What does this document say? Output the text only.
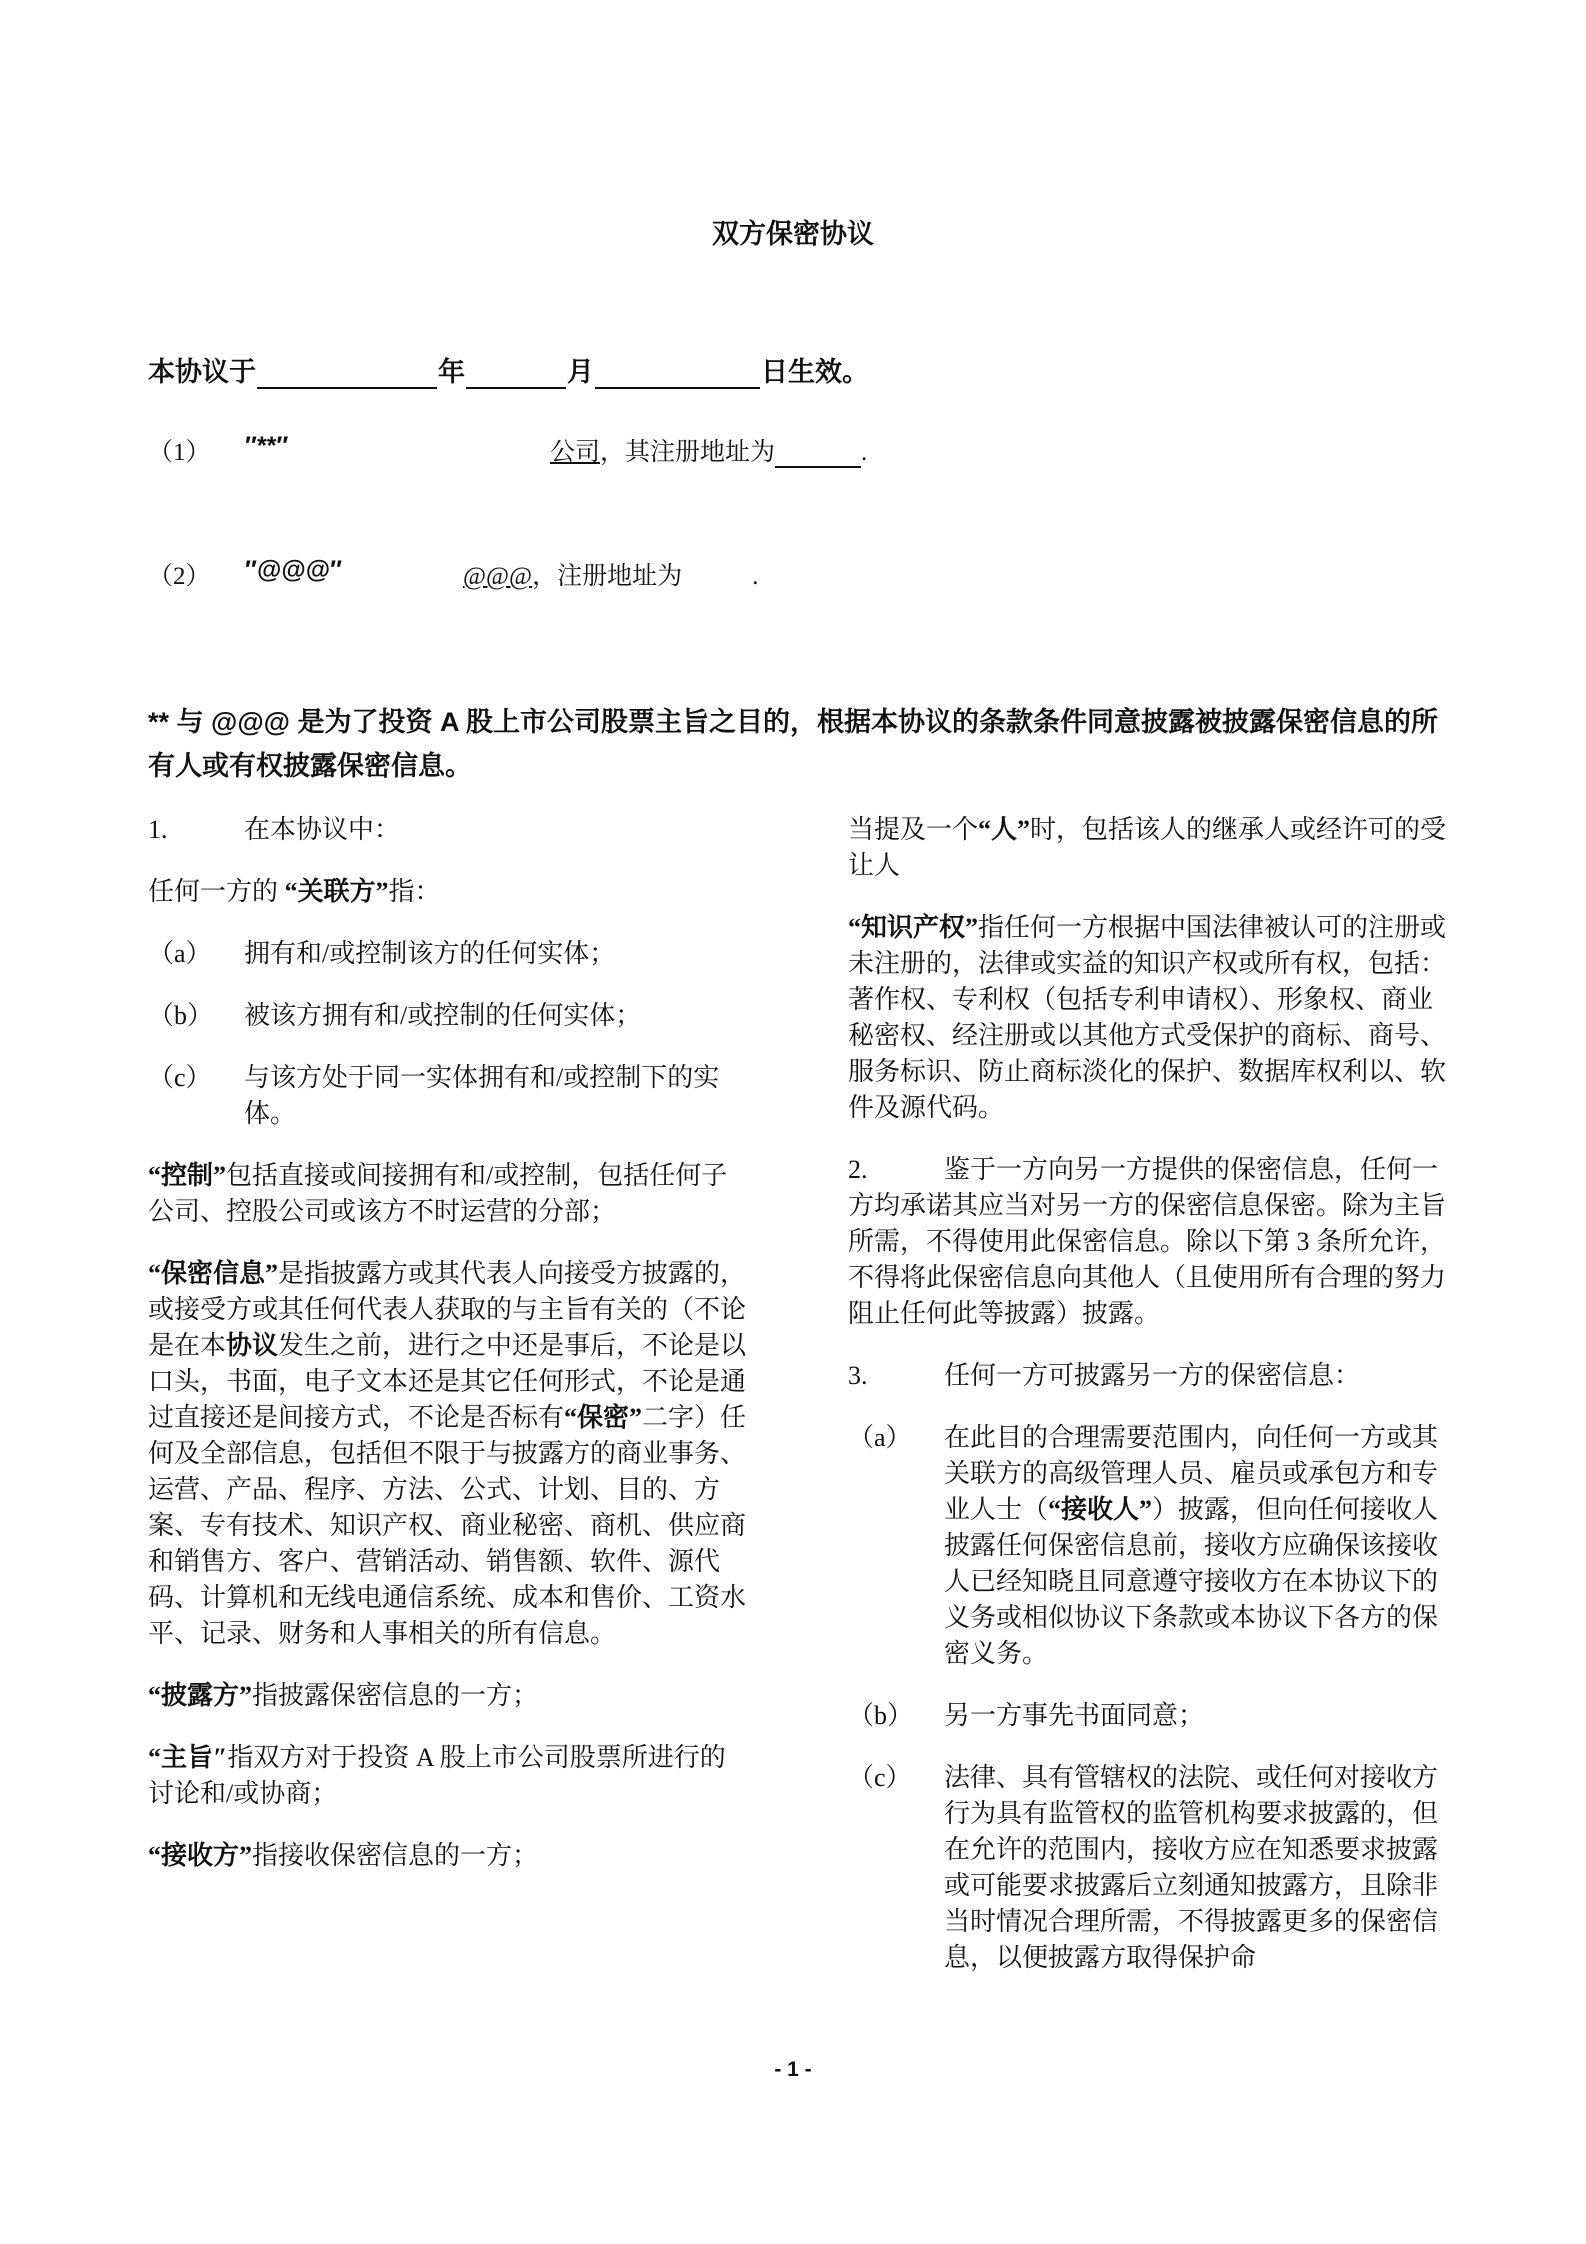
双方保密协议
本协议于	年	月	日生效。
（1） ″**″	公司，其注册地址为	.
（2） ″@@@″	@@@，注册地址为	.
** 与 @@@ 是为了投资 A 股上市公司股票主旨之目的，根据本协议的条款条件同意披露被披露保密信息的所有人或有权披露保密信息。
1.	在本协议中：

任何一方的 “关联方”指：

（a）	拥有和/或控制该方的任何实体；
（b）	被该方拥有和/或控制的任何实体；
（c）	与该方处于同一实体拥有和/或控制下的实体。

“控制”包括直接或间接拥有和/或控制，包括任何子公司、控股公司或该方不时运营的分部；

“保密信息”是指披露方或其代表人向接受方披露的，或接受方或其任何代表人获取的与主旨有关的（不论是在本协议发生之前，进行之中还是事后，不论是以口头，书面，电子文本还是其它任何形式，不论是通过直接还是间接方式，不论是否标有“保密”二字）任何及全部信息，包括但不限于与披露方的商业事务、运营、产品、程序、方法、公式、计划、目的、方案、专有技术、知识产权、商业秘密、商机、供应商和销售方、客户、营销活动、销售额、软件、源代码、计算机和无线电通信系统、成本和售价、工资水平、记录、财务和人事相关的所有信息。

“披露方”指披露保密信息的一方；

“主旨″指双方对于投资 A 股上市公司股票所进行的讨论和/或协商；

“接收方”指接收保密信息的一方；

当提及一个“人”时，包括该人的继承人或经许可的受让人

“知识产权”指任何一方根据中国法律被认可的注册或未注册的，法律或实益的知识产权或所有权，包括：著作权、专利权（包括专利申请权）、形象权、商业秘密权、经注册或以其他方式受保护的商标、商号、服务标识、防止商标淡化的保护、数据库权利以、软件及源代码。

2.	鉴于一方向另一方提供的保密信息，任何一方均承诺其应当对另一方的保密信息保密。除为主旨所需，不得使用此保密信息。除以下第 3 条所允许，不得将此保密信息向其他人（且使用所有合理的努力阻止任何此等披露）披露。
3.	任何一方可披露另一方的保密信息：
（a）	在此目的合理需要范围内，向任何一方或其关联方的高级管理人员、雇员或承包方和专业人士（“接收人”）披露，但向任何接收人披露任何保密信息前，接收方应确保该接收人已经知晓且同意遵守接收方在本协议下的义务或相似协议下条款或本协议下各方的保密义务。
（b）	另一方事先书面同意；
（c）	法律、具有管辖权的法院、或任何对接收方行为具有监管权的监管机构要求披露的，但在允许的范围内，接收方应在知悉要求披露或可能要求披露后立刻通知披露方，且除非当时情况合理所需，不得披露更多的保密信息，以便披露方取得保护命
- 1 -
